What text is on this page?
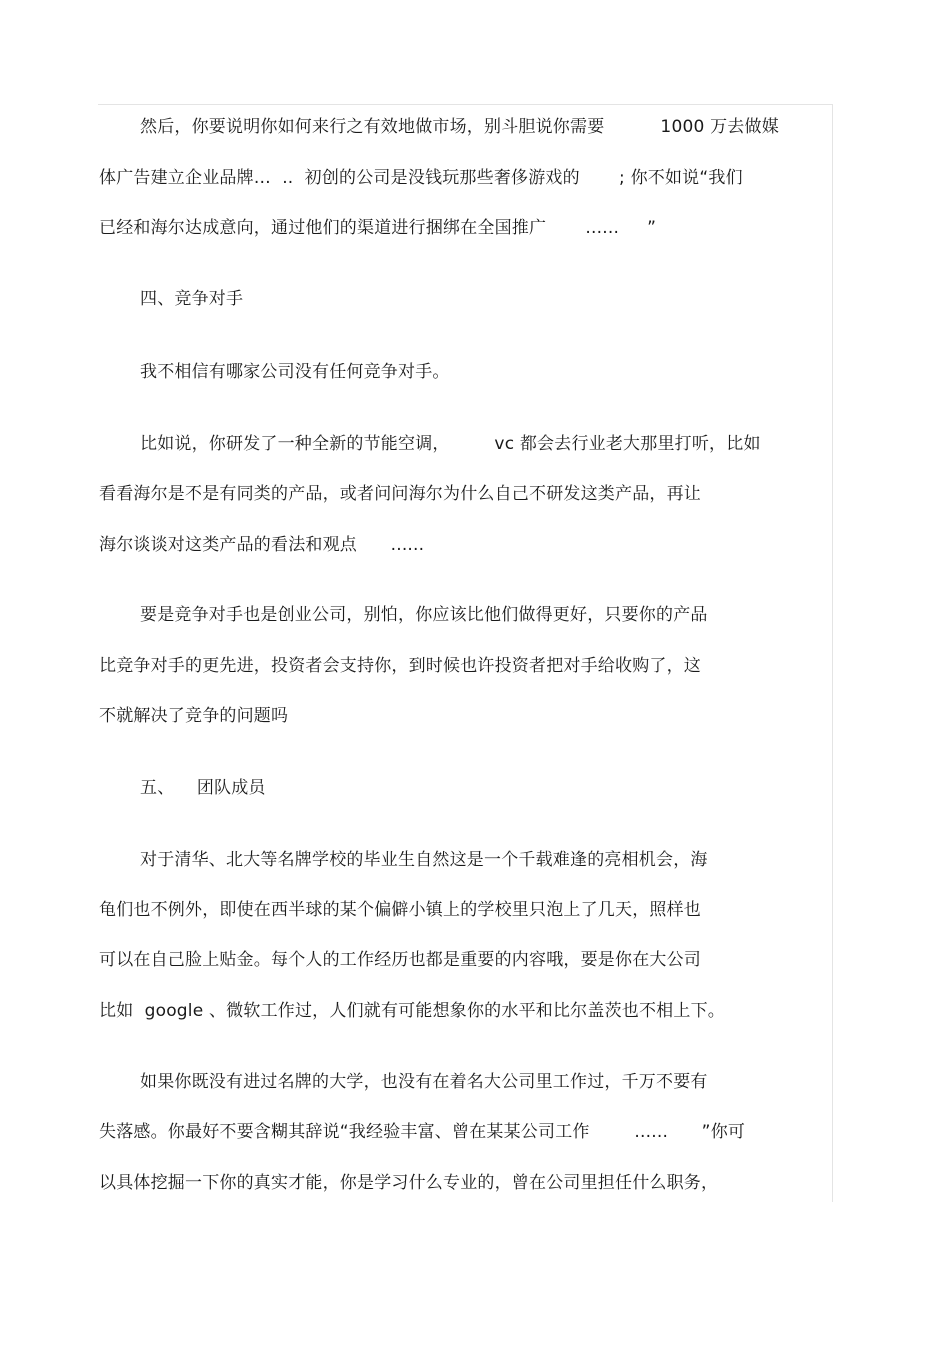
然后，你要说明你如何来行之有效地做市场，别斗胆说你需要          1000 万去做媒
体广告建立企业品牌…  ..  初创的公司是没钱玩那些奢侈游戏的       ; 你不如说“我们
已经和海尔达成意向，通过他们的渠道进行捆绑在全国推广       ......     ”
四、竞争对手
我不相信有哪家公司没有任何竞争对手。
比如说，你研发了一种全新的节能空调，        vc 都会去行业老大那里打听，比如
看看海尔是不是有同类的产品，或者问问海尔为什么自己不研发这类产品，再让
海尔谈谈对这类产品的看法和观点      ......
要是竞争对手也是创业公司，别怕，你应该比他们做得更好，只要你的产品
比竞争对手的更先进，投资者会支持你，到时候也许投资者把对手给收购了，这
不就解决了竞争的问题吗
五、    团队成员
对于清华、北大等名牌学校的毕业生自然这是一个千载难逢的亮相机会，海
龟们也不例外，即使在西半球的某个偏僻小镇上的学校里只泡上了几天，照样也
可以在自己脸上贴金。每个人的工作经历也都是重要的内容哦，要是你在大公司
比如  google 、微软工作过，人们就有可能想象你的水平和比尔盖茨也不相上下。
如果你既没有进过名牌的大学，也没有在着名大公司里工作过，千万不要有
失落感。你最好不要含糊其辞说“我经验丰富、曾在某某公司工作        ......      ”你可
以具体挖掘一下你的真实才能，你是学习什么专业的，曾在公司里担任什么职务，
